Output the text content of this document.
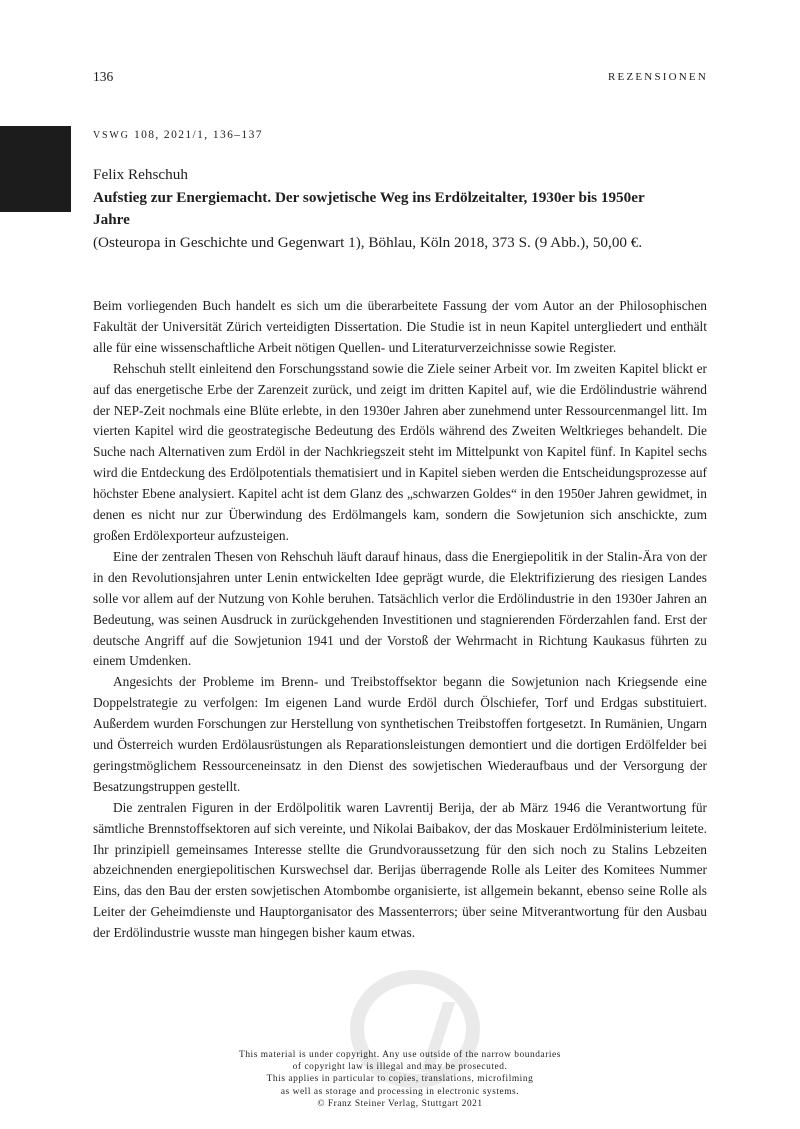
136	REZENSIONEN
VSWG 108, 2021/1, 136–137
Felix Rehschuh
Aufstieg zur Energiemacht. Der sowjetische Weg ins Erdölzeitalter, 1930er bis 1950er Jahre
(Osteuropa in Geschichte und Gegenwart 1), Böhlau, Köln 2018, 373 S. (9 Abb.), 50,00 €.

Beim vorliegenden Buch handelt es sich um die überarbeitete Fassung der vom Autor an der Philosophischen Fakultät der Universität Zürich verteidigten Dissertation. Die Studie ist in neun Kapitel untergliedert und enthält alle für eine wissenschaftliche Arbeit nötigen Quellen- und Literaturverzeichnisse sowie Register.

Rehschuh stellt einleitend den Forschungsstand sowie die Ziele seiner Arbeit vor. Im zweiten Kapitel blickt er auf das energetische Erbe der Zarenzeit zurück, und zeigt im dritten Kapitel auf, wie die Erdölindustrie während der NEP-Zeit nochmals eine Blüte erlebte, in den 1930er Jahren aber zunehmend unter Ressourcenmangel litt. Im vierten Kapitel wird die geostrategische Bedeutung des Erdöls während des Zweiten Weltkrieges behandelt. Die Suche nach Alternativen zum Erdöl in der Nachkriegszeit steht im Mittelpunkt von Kapitel fünf. In Kapitel sechs wird die Entdeckung des Erdölpotentials thematisiert und in Kapitel sieben werden die Entscheidungsprozesse auf höchster Ebene analysiert. Kapitel acht ist dem Glanz des „schwarzen Goldes“ in den 1950er Jahren gewidmet, in denen es nicht nur zur Überwindung des Erdölmangels kam, sondern die Sowjetunion sich anschickte, zum großen Erdölexporteur aufzusteigen.

Eine der zentralen Thesen von Rehschuh läuft darauf hinaus, dass die Energiepolitik in der Stalin-Ära von der in den Revolutionsjahren unter Lenin entwickelten Idee geprägt wurde, die Elektrifizierung des riesigen Landes solle vor allem auf der Nutzung von Kohle beruhen. Tatsächlich verlor die Erdölindustrie in den 1930er Jahren an Bedeutung, was seinen Ausdruck in zurückgehenden Investitionen und stagnierenden Förderzahlen fand. Erst der deutsche Angriff auf die Sowjetunion 1941 und der Vorstoß der Wehrmacht in Richtung Kaukasus führten zu einem Umdenken.

Angesichts der Probleme im Brenn- und Treibstoffsektor begann die Sowjetunion nach Kriegsende eine Doppelstrategie zu verfolgen: Im eigenen Land wurde Erdöl durch Ölschiefer, Torf und Erdgas substituiert. Außerdem wurden Forschungen zur Herstellung von synthetischen Treibstoffen fortgesetzt. In Rumänien, Ungarn und Österreich wurden Erdölausrüstungen als Reparationsleistungen demontiert und die dortigen Erdölfelder bei geringstmöglichem Ressourceneinsatz in den Dienst des sowjetischen Wiederaufbaus und der Versorgung der Besatzungstruppen gestellt.

Die zentralen Figuren in der Erdölpolitik waren Lavrentij Berija, der ab März 1946 die Verantwortung für sämtliche Brennstoffsektoren auf sich vereinte, und Nikolai Baibakov, der das Moskauer Erdölministerium leitete. Ihr prinzipiell gemeinsames Interesse stellte die Grundvoraussetzung für den sich noch zu Stalins Lebzeiten abzeichnenden energiepolitischen Kurswechsel dar. Berijas überragende Rolle als Leiter des Komitees Nummer Eins, das den Bau der ersten sowjetischen Atombombe organisierte, ist allgemein bekannt, ebenso seine Rolle als Leiter der Geheimdienste und Hauptorganisator des Massenterrors; über seine Mitverantwortung für den Ausbau der Erdölindustrie wusste man hingegen bisher kaum etwas.

This material is under copyright. Any use outside of the narrow boundaries
of copyright law is illegal and may be prosecuted.
This applies in particular to copies, translations, microfilming
as well as storage and processing in electronic systems.
© Franz Steiner Verlag, Stuttgart 2021
